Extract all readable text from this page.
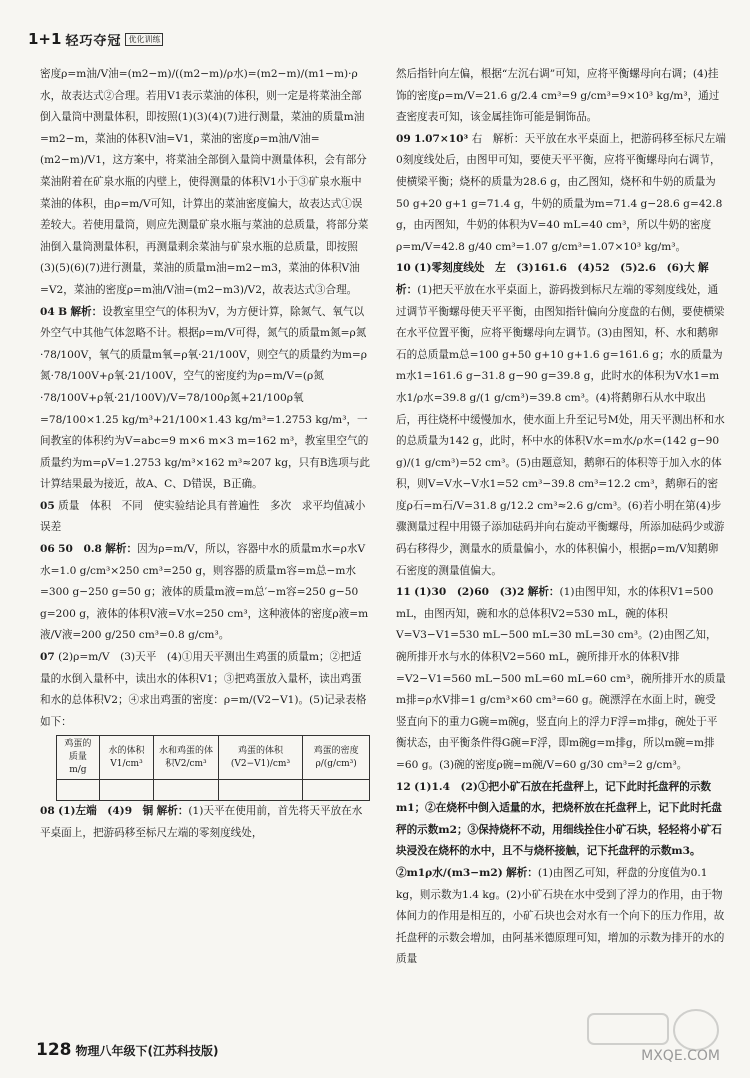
1+1 轻巧夺冠 优化训练

密度ρ=m油/V油=(m2−m)/((m2−m)/ρ水)=(m2−m)/(m1−m)·ρ水，故表达式②合理。若用V1表示菜油的体积，则一定是将菜油全部倒入量筒中测量体积，即按照(1)(3)(4)(7)进行测量，菜油的质量m油=m2−m，菜油的体积V油=V1，菜油的密度ρ=m油/V油=(m2−m)/V1，这方案中，将菜油全部倒入量筒中测量体积，会有部分菜油附着在矿泉水瓶的内壁上，使得测量的体积V1小于③矿泉水瓶中菜油的体积，由ρ=m/V可知，计算出的菜油密度偏大，故表达式①误差较大。若使用量筒，则应先测量矿泉水瓶与菜油的总质量，将部分菜油倒入量筒测量体积，再测量剩余菜油与矿泉水瓶的总质量，即按照(3)(5)(6)(7)进行测量，菜油的质量m油=m2−m3，菜油的体积V油=V2，菜油的密度ρ=m油/V油=(m2−m3)/V2，故表达式③合理。

04 B 解析：设教室里空气的体积为V，为方便计算，除氮气、氧气以外空气中其他气体忽略不计。根据ρ=m/V可得，氮气的质量m氮=ρ氮·78/100V，氧气的质量m氧=ρ氧·21/100V，则空气的质量约为m=ρ氮·78/100V+ρ氧·21/100V，空气的密度约为ρ=m/V=(ρ氮·78/100V+ρ氧·21/100V)/V=78/100ρ氮+21/100ρ氧=78/100×1.25 kg/m³+21/100×1.43 kg/m³=1.2753 kg/m³，一间教室的体积约为V=abc=9 m×6 m×3 m=162 m³，教室里空气的质量约为m=ρV=1.2753 kg/m³×162 m³≈207 kg，只有B选项与此计算结果最为接近，故A、C、D错误，B正确。

05 质量　体积　不同　使实验结论具有普遍性　多次　求平均值减小误差

06 50　0.8 解析：因为ρ=m/V，所以，容器中水的质量m水=ρ水V水=1.0 g/cm³×250 cm³=250 g，则容器的质量m容=m总−m水=300 g−250 g=50 g；液体的质量m液=m总′−m容=250 g−50 g=200 g，液体的体积V液=V水=250 cm³，这种液体的密度ρ液=m液/V液=200 g/250 cm³=0.8 g/cm³。

07 (2)ρ=m/V　(3)天平　(4)①用天平测出生鸡蛋的质量m；②把适量的水倒入量杯中，读出水的体积V1；③把鸡蛋放入量杯，读出鸡蛋和水的总体积V2；④求出鸡蛋的密度：ρ=m/(V2−V1)。(5)记录表格如下：

鸡蛋的质量m/g	水的体积V1/cm³	水和鸡蛋的体积V2/cm³	鸡蛋的体积(V2−V1)/cm³	鸡蛋的密度ρ/(g/cm³)

08 (1)左端　(4)9　铜 解析：(1)天平在使用前，首先将天平放在水平桌面上，把游码移至标尺左端的零刻度线处，

然后指针向左偏，根据“左沉右调”可知，应将平衡螺母向右调；(4)挂饰的密度ρ=m/V=21.6 g/2.4 cm³=9 g/cm³=9×10³ kg/m³，通过查密度表可知，该金属挂饰可能是铜饰品。

09 1.07×10³ 右　解析：天平放在水平桌面上，把游码移至标尺左端0刻度线处后，由图甲可知，要使天平平衡，应将平衡螺母向右调节，使横梁平衡；烧杯的质量为28.6 g，由乙图知，烧杯和牛奶的质量为50 g+20 g+1 g=71.4 g，牛奶的质量为m=71.4 g−28.6 g=42.8 g，由丙图知，牛奶的体积为V=40 mL=40 cm³，所以牛奶的密度ρ=m/V=42.8 g/40 cm³=1.07 g/cm³=1.07×10³ kg/m³。

10 (1)零刻度线处　左　(3)161.6　(4)52　(5)2.6　(6)大 解析：(1)把天平放在水平桌面上，游码拨到标尺左端的零刻度线处，通过调节平衡螺母使天平平衡，由图知指针偏向分度盘的右侧，要使横梁在水平位置平衡，应将平衡螺母向左调节。(3)由图知，杯、水和鹅卵石的总质量m总=100 g+50 g+10 g+1.6 g=161.6 g；水的质量为m水1=161.6 g−31.8 g−90 g=39.8 g，此时水的体积为V水1=m水1/ρ水=39.8 g/(1 g/cm³)=39.8 cm³。(4)将鹅卵石从水中取出后，再往烧杯中缓慢加水，使水面上升至记号M处，用天平测出杯和水的总质量为142 g，此时，杯中水的体积V水=m水/ρ水=(142 g−90 g)/(1 g/cm³)=52 cm³。(5)由题意知，鹅卵石的体积等于加入水的体积，则V=V水−V水1=52 cm³−39.8 cm³=12.2 cm³，鹅卵石的密度ρ石=m石/V=31.8 g/12.2 cm³≈2.6 g/cm³。(6)若小明在第(4)步骤测量过程中用镊子添加砝码并向右旋动平衡螺母，所添加砝码少或游码右移得少，测量水的质量偏小，水的体积偏小，根据ρ=m/V知鹅卵石密度的测量值偏大。

11 (1)30　(2)60　(3)2 解析：(1)由图甲知，水的体积V1=500 mL，由图丙知，碗和水的总体积V2=530 mL，碗的体积V=V3−V1=530 mL−500 mL=30 mL=30 cm³。(2)由图乙知，碗所排开水与水的体积V2=560 mL，碗所排开水的体积V排=V2−V1=560 mL−500 mL=60 mL=60 cm³，碗所排开水的质量m排=ρ水V排=1 g/cm³×60 cm³=60 g。碗漂浮在水面上时，碗受竖直向下的重力G碗=m碗g，竖直向上的浮力F浮=m排g，碗处于平衡状态，由平衡条件得G碗=F浮，即m碗g=m排g，所以m碗=m排=60 g。(3)碗的密度ρ碗=m碗/V=60 g/30 cm³=2 g/cm³。

12 (1)1.4　(2)①把小矿石放在托盘秤上，记下此时托盘秤的示数m1；②在烧杯中倒入适量的水，把烧杯放在托盘秤上，记下此时托盘秤的示数m2；③保持烧杯不动，用细线拴住小矿石块，轻轻将小矿石块浸没在烧杯的水中，且不与烧杯接触，记下托盘秤的示数m3。②m1ρ水/(m3−m2) 解析：(1)由图乙可知，秤盘的分度值为0.1 kg，则示数为1.4 kg。(2)小矿石块在水中受到了浮力的作用，由于物体间力的作用是相互的，小矿石块也会对水有一个向下的压力作用，故托盘秤的示数会增加，由阿基米德原理可知，增加的示数为排开的水的质量

128 物理八年级下(江苏科技版)	MXQE.COM
